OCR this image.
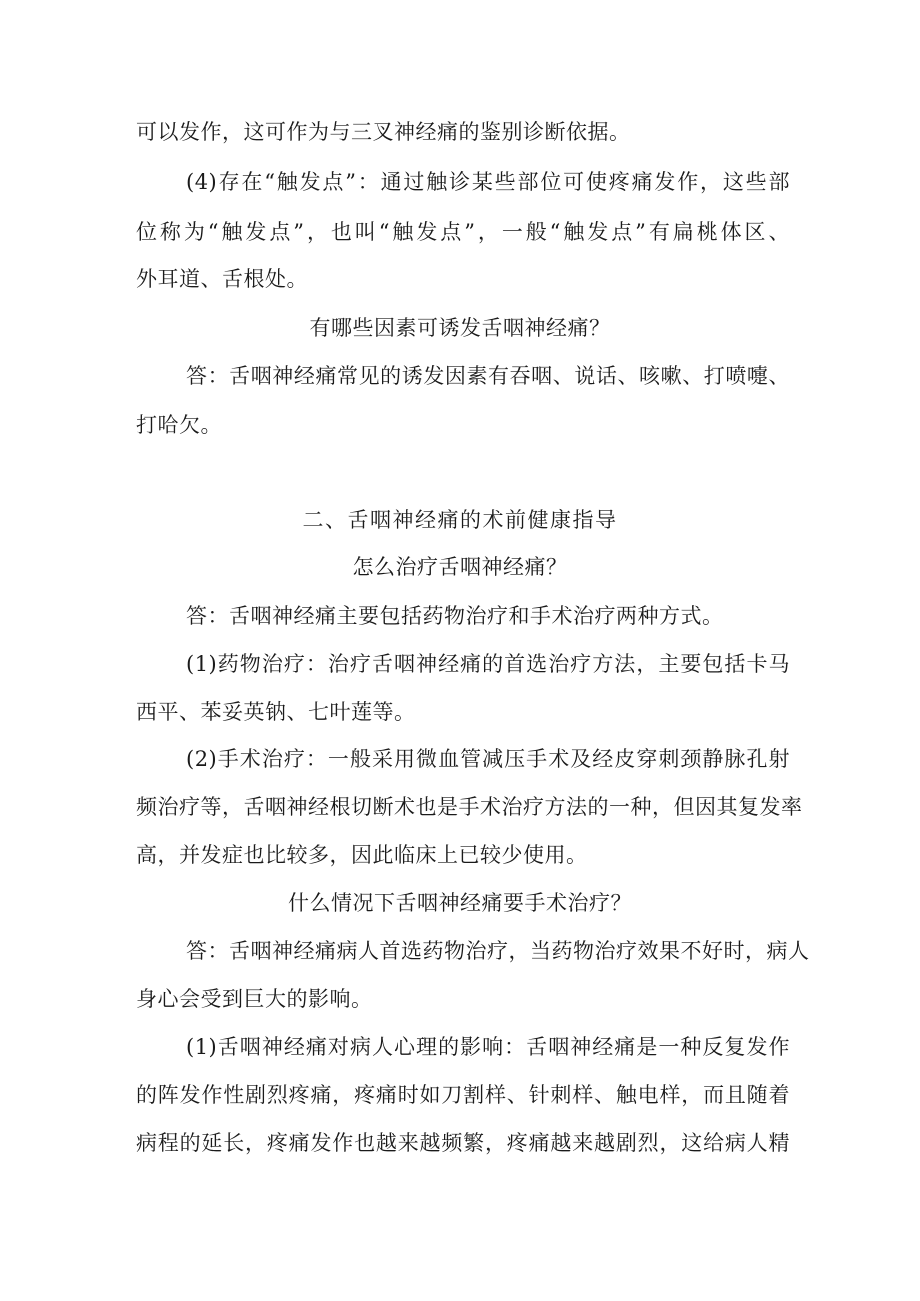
可以发作，这可作为与三叉神经痛的鉴别诊断依据。
(4)存在“触发点”：通过触诊某些部位可使疼痛发作，这些部
位称为“触发点”，也叫“触发点”，一般“触发点”有扁桃体区、
外耳道、舌根处。
有哪些因素可诱发舌咽神经痛？
答：舌咽神经痛常见的诱发因素有吞咽、说话、咳嗽、打喷嚏、
打哈欠。
二、舌咽神经痛的术前健康指导
怎么治疗舌咽神经痛？
答：舌咽神经痛主要包括药物治疗和手术治疗两种方式。
(1)药物治疗：治疗舌咽神经痛的首选治疗方法，主要包括卡马
西平、苯妥英钠、七叶莲等。
(2)手术治疗：一般采用微血管减压手术及经皮穿刺颈静脉孔射
频治疗等，舌咽神经根切断术也是手术治疗方法的一种，但因其复发率
高，并发症也比较多，因此临床上已较少使用。
什么情况下舌咽神经痛要手术治疗？
答：舌咽神经痛病人首选药物治疗，当药物治疗效果不好时，病人
身心会受到巨大的影响。
(1)舌咽神经痛对病人心理的影响：舌咽神经痛是一种反复发作
的阵发作性剧烈疼痛，疼痛时如刀割样、针刺样、触电样，而且随着
病程的延长，疼痛发作也越来越频繁，疼痛越来越剧烈，这给病人精
